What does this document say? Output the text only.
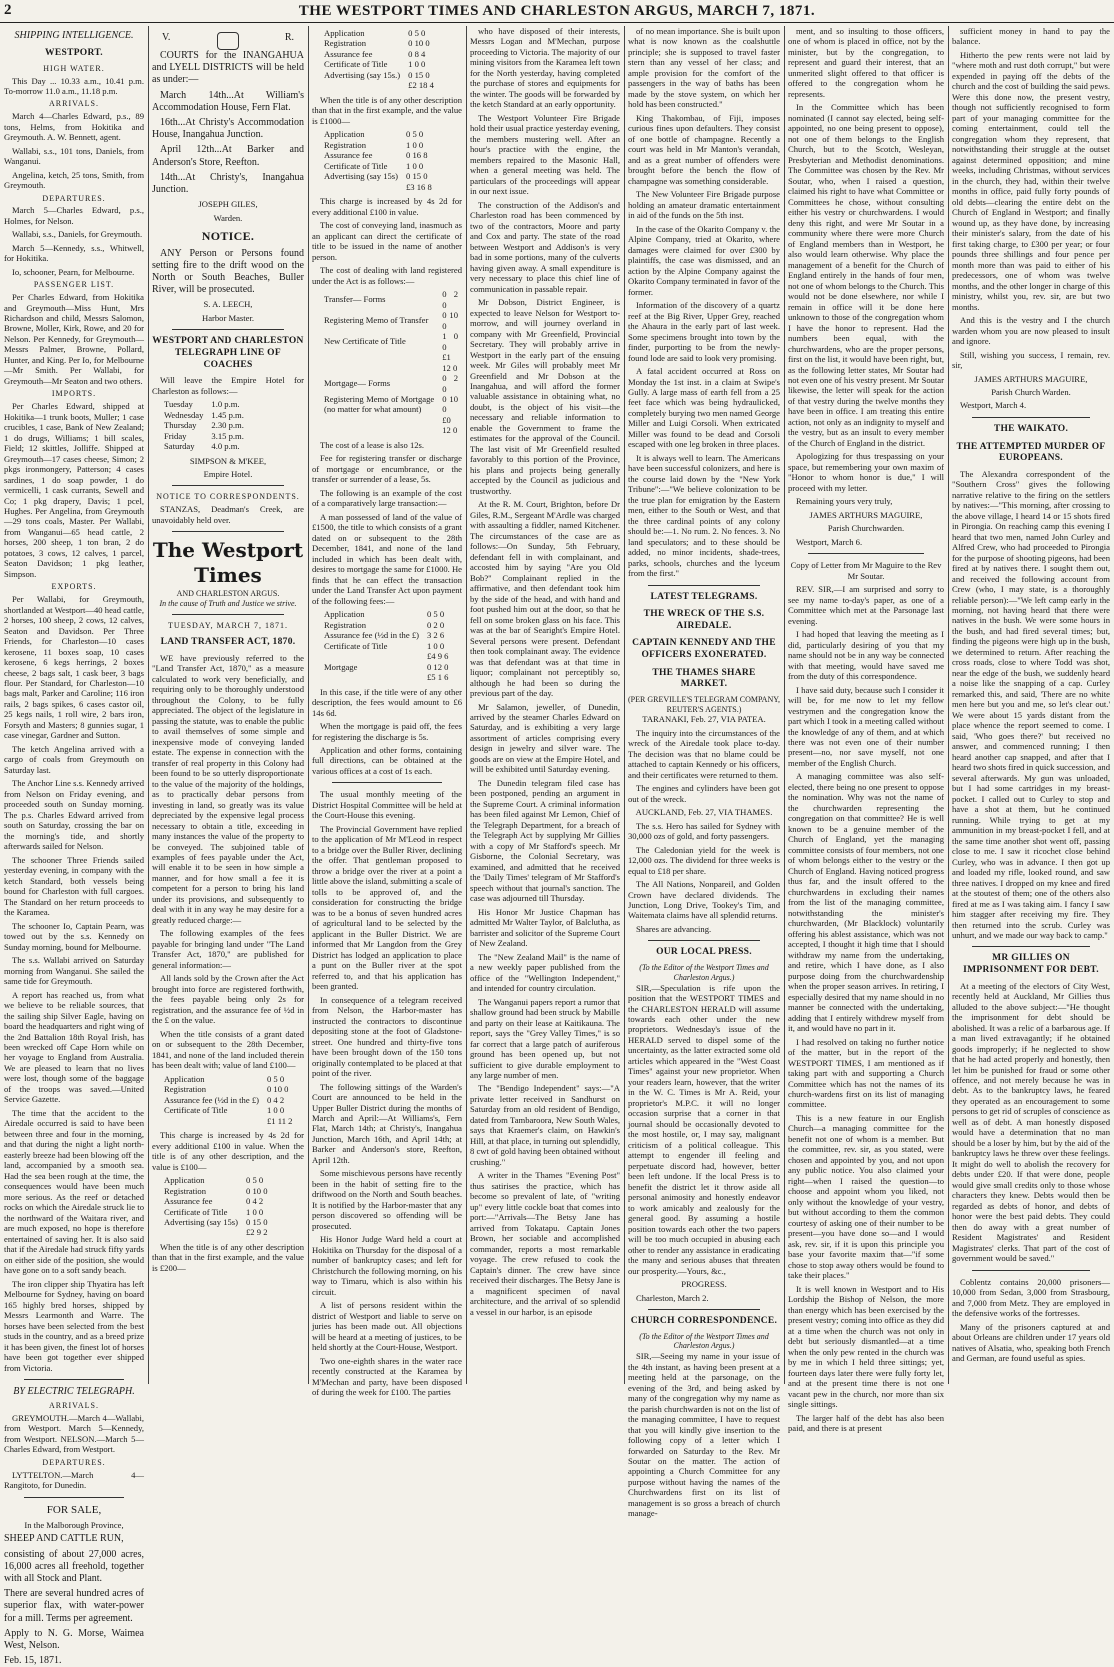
2	THE WESTPORT TIMES AND CHARLESTON ARGUS, MARCH 7, 1871.
SHIPPING INTELLIGENCE.
WESTPORT.
HIGH WATER.

This Day ... 10.33 a.m., 10.41 p.m. To-morrow 11.0 a.m., 11.18 p.m.

ARRIVALS.

March 4—Charles Edward, p.s., 89 tons, Helms, from Hokitika and Greymouth. A. W. Bennett, agent.

Wallabi, s.s., 101 tons, Daniels, from Wanganui.

Angelina, ketch, 25 tons, Smith, from Greymouth.

DEPARTURES.

March 5—Charles Edward, p.s., Holmes, for Nelson.

Wallabi, s.s., Daniels, for Greymouth.

March 5—Kennedy, s.s., Whitwell, for Hokitika.

Io, schooner, Pearn, for Melbourne.

PASSENGER LIST.

Per Charles Edward, from Hokitika and Greymouth—Miss Hunt, Mrs Richardson and child, Messrs Salomon, Browne, Moller, Kirk, Rowe, and 20 for Nelson. Per Kennedy, for Greymouth—Messrs Palmer, Browne, Pollard, Hunter, and King. Per Io, for Melbourne—Mr Smith. Per Wallabi, for Greymouth—Mr Seaton and two others.

IMPORTS.

Per Charles Edward, shipped at Hokitika—1 trunk boots, Muller; 1 case crucibles, 1 case, Bank of New Zealand; 1 do drugs, Williams; 1 bill scales, Field; 12 skittles, Jolliffe. Shipped at Greymouth—17 cases cheese, Simon; 2 pkgs ironmongery, Patterson; 4 cases sardines, 1 do soap powder, 1 do vermicelli, 1 cask currants, Sewell and Co; 1 pkg drapery, Davis; 1 pcel, Hughes. Per Angelina, from Greymouth—29 tons coals, Master. Per Wallabi, from Wanganui—65 head cattle, 2 horses, 200 sheep, 1 ton bran, 2 do potatoes, 3 cows, 12 calves, 1 parcel, Seaton Davidson; 1 pkg leather, Simpson.

EXPORTS.

Per Wallabi, for Greymouth, shortlanded at Westport—40 head cattle, 2 horses, 100 sheep, 2 cows, 12 calves, Seaton and Davidson. Per Three Friends, for Charleston—10 cases kerosene, 11 boxes soap, 10 cases kerosene, 6 kegs herrings, 2 boxes cheese, 2 bags salt, 1 cask beer, 3 bags flour. Per Standard, for Charleston—10 bags malt, Parker and Caroline; 116 iron rails, 2 bags spikes, 6 cases castor oil, 25 kegs nails, 1 roll wire, 2 bars iron, Forsyth and Masters; 8 gunnies sugar, 1 case vinegar, Gardner and Sutton.

The ketch Angelina arrived with a cargo of coals from Greymouth on Saturday last.

The Anchor Line s.s. Kennedy arrived from Nelson on Friday evening, and proceeded south on Sunday morning. The p.s. Charles Edward arrived from south on Saturday, crossing the bar on the morning's tide, and shortly afterwards sailed for Nelson.

The schooner Three Friends sailed yesterday evening, in company with the ketch Standard, both vessels being bound for Charleston with full cargoes. The Standard on her return proceeds to the Karamea.

The schooner Io, Captain Pearn, was towed out by the s.s. Kennedy on Sunday morning, bound for Melbourne.

The s.s. Wallabi arrived on Saturday morning from Wanganui. She sailed the same tide for Greymouth.

A report has reached us, from what we believe to be reliable sources, that the sailing ship Silver Eagle, having on board the headquarters and right wing of the 2nd Battalion 18th Royal Irish, has been wrecked off Cape Horn while on her voyage to England from Australia. We are pleased to learn that no lives were lost, though some of the baggage of the troops was saved.—United Service Gazette.

The time that the accident to the Airedale occurred is said to have been between three and four in the morning, and that during the night a light north-easterly breeze had been blowing off the land, accompanied by a smooth sea. Had the sea been rough at the time, the consequences would have been much more serious. As the reef or detached rocks on which the Airedale struck lie to the northward of the Waitara river, and are much exposed, no hope is therefore entertained of saving her. It is also said that if the Airedale had struck fifty yards on either side of the position, she would have gone on to a soft sandy beach.

The iron clipper ship Thyatira has left Melbourne for Sydney, having on board 165 highly bred horses, shipped by Messrs Learmonth and Warre. The horses have been selected from the best studs in the country, and as a breed prize it has been given, the finest lot of horses have been got together ever shipped from Victoria.

BY ELECTRIC TELEGRAPH.
ARRIVALS.

GREYMOUTH.—March 4—Wallabi, from Westport. March 5—Kennedy, from Westport. NELSON.—March 5—Charles Edward, from Westport.

DEPARTURES.

LYTTELTON.—March 4—Rangitoto, for Dunedin.

FOR SALE,

In the Malborough Province,

SHEEP AND CATTLE RUN,

consisting of about 27,000 acres, 16,000 acres all freehold, together with all Stock and Plant.

There are several hundred acres of superior flax, with water-power for a mill. Terms per agreement.

Apply to N. G. Morse, Waimea West, Nelson.

Feb. 15, 1871.

V.	R.

COURTS for the INANGAHUA and LYELL DISTRICTS will be held as under:—

March 14th...At William's Accommodation House, Fern Flat.

16th...At Christy's Accommodation House, Inangahua Junction.

April 12th...At Barker and Anderson's Store, Reefton.

14th...At Christy's, Inangahua Junction.

JOSEPH GILES,

Warden.

NOTICE.

ANY Person or Persons found setting fire to the drift wood on the North or South Beaches, Buller River, will be prosecuted.

S. A. LEECH,

Harbor Master.

WESTPORT AND CHARLESTON TELEGRAPH LINE OF COACHES

Will leave the Empire Hotel for Charleston as follows:—

Tuesday	1.0 p.m.
Wednesday	1.45 p.m.
Thursday	2.30 p.m.
Friday	3.15 p.m.
Saturday	4.0 p.m.

SIMPSON & M'KEE,

Empire Hotel.

NOTICE TO CORRESPONDENTS.

STANZAS, Deadman's Creek, are unavoidably held over.

The Westport Times
AND CHARLESTON ARGUS.
In the cause of Truth and Justice we strive.
TUESDAY, MARCH 7, 1871.
LAND TRANSFER ACT, 1870.

WE have previously referred to the "Land Transfer Act, 1870," as a measure calculated to work very beneficially, and requiring only to be thoroughly understood throughout the Colony, to be fully appreciated. The object of the legislature in passing the statute, was to enable the public to avail themselves of some simple and inexpensive mode of conveying landed estate. The expense in connection with the transfer of real property in this Colony had been found to be so utterly disproportionate to the value of the majority of the holdings, as to practically debar persons from investing in land, so greatly was its value depreciated by the expensive legal process necessary to obtain a title, exceeding in many instances the value of the property to be conveyed. The subjoined table of examples of fees payable under the Act, will enable it to be seen in how simple a manner, and for how small a fee it is competent for a person to bring his land under its provisions, and subsequently to deal with it in any way he may desire for a greatly reduced charge:—

The following examples of the fees payable for bringing land under "The Land Transfer Act, 1870," are published for general information:—

All lands sold by the Crown after the Act brought into force are registered forthwith, the fees payable being only 2s for registration, and the assurance fee of ½d in the £ on the value.

When the title consists of a grant dated on or subsequent to the 28th December, 1841, and none of the land included therein has been dealt with; value of land £100—

Application	0 5 0
Registration	0 10 0
Assurance fee (½d in the £)	0 4 2
Certificate of Title	1 0 0
	£1 11 2

This charge is increased by 4s 2d for every additional £100 in value. When the title is of any other description, and the value is £100—

Application	0 5 0
Registration	0 10 0
Assurance fee	0 4 2
Certificate of Title	1 0 0
Advertising (say 15s)	0 15 0
	£2 9 2

When the title is of any other description than that in the first example, and the value is £200—

Application	0 5 0
Registration	0 10 0
Assurance fee	0 8 4
Certificate of Title	1 0 0
Advertising (say 15s.)	0 15 0
	£2 18 4

When the title is of any other description than that in the first example, and the value is £1000—

Application	0 5 0
Registration	1 0 0
Assurance fee	0 16 8
Certificate of Title	1 0 0
Advertising (say 15s)	0 15 0
	£3 16 8

This charge is increased by 4s 2d for every additional £100 in value.

The cost of conveying land, inasmuch as an applicant can direct the certificate of title to be issued in the name of another person.

The cost of dealing with land registered under the Act is as follows:—

Transfer— Forms	0 2 0
Registering Memo of Transfer	0 10 0
New Certificate of Title	1 0 0
	£1 12 0
Mortgage— Forms	0 2 0
Registering Memo of Mortgage (no matter for what amount)	0 10 0
	£0 12 0

The cost of a lease is also 12s.

Fee for registering transfer or discharge of mortgage or encumbrance, or the transfer or surrender of a lease, 5s.

The following is an example of the cost of a comparatively large transaction:—

A man possessed of land of the value of £1500, the title to which consists of a grant dated on or subsequent to the 28th December, 1841, and none of the land included in which has been dealt with, desires to mortgage the same for £1000. He finds that he can effect the transaction under the Land Transfer Act upon payment of the following fees:—

Application	0 5 0
Registration	0 2 0
Assurance fee (½d in the £)	3 2 6
Certificate of Title	1 0 0
	£4 9 6
Mortgage	0 12 0
	£5 1 6

In this case, if the title were of any other description, the fees would amount to £6 14s 6d.

When the mortgage is paid off, the fees for registering the discharge is 5s.

Application and other forms, containing full directions, can be obtained at the various offices at a cost of 1s each.

The usual monthly meeting of the District Hospital Committee will be held at the Court-House this evening.

The Provincial Government have replied to the application of Mr M'Leod in respect to a bridge over the Buller River, declining the offer. That gentleman proposed to throw a bridge over the river at a point a little above the island, submitting a scale of tolls to be approved of, and the consideration for constructing the bridge was to be a bonus of seven hundred acres of agricultural land to be selected by the applicant in the Buller District. We are informed that Mr Langdon from the Grey District has lodged an application to place a punt on the Buller river at the spot referred to, and that his application has been granted.

In consequence of a telegram received from Nelson, the Harbor-master has instructed the contractors to discontinue depositing stone at the foot of Gladstone-street. One hundred and thirty-five tons have been brought down of the 150 tons originally contemplated to be placed at that point of the river.

The following sittings of the Warden's Court are announced to be held in the Upper Buller District during the months of March and April:—At Williams's, Fern Flat, March 14th; at Christy's, Inangahua Junction, March 16th, and April 14th; at Barker and Anderson's store, Reefton, April 12th.

Some mischievous persons have recently been in the habit of setting fire to the driftwood on the North and South beaches. It is notified by the Harbor-master that any person discovered so offending will be prosecuted.

His Honor Judge Ward held a court at Hokitika on Thursday for the disposal of a number of bankruptcy cases; and left for Christchurch the following morning, on his way to Timaru, which is also within his circuit.

A list of persons resident within the district of Westport and liable to serve on juries has been made out. All objections will be heard at a meeting of justices, to be held shortly at the Court-House, Westport.

Two one-eighth shares in the water race recently constructed at the Karamea by M'Mechan and party, have been disposed of during the week for £100. The parties

who have disposed of their interests, Messrs Logan and M'Mechan, purpose proceeding to Victoria. The majority of our mining visitors from the Karamea left town for the North yesterday, having completed the purchase of stores and equipments for the winter. The goods will be forwarded by the ketch Standard at an early opportunity.

The Westport Volunteer Fire Brigade hold their usual practice yesterday evening, the members mustering well. After an hour's practice with the engine, the members repaired to the Masonic Hall, when a general meeting was held. The particulars of the proceedings will appear in our next issue.

The construction of the Addison's and Charleston road has been commenced by two of the contractors, Moore and party and Cox and party. The state of the road between Westport and Addison's is very bad in some portions, many of the culverts having given away. A small expenditure is very necessary to place this chief line of communication in passable repair.

Mr Dobson, District Engineer, is expected to leave Nelson for Westport to-morrow, and will journey overland in company with Mr Greenfield, Provincial Secretary. They will probably arrive in Westport in the early part of the ensuing week. Mr Giles will probably meet Mr Greenfield and Mr Dobson at the Inangahua, and will afford the former valuable assistance in obtaining what, no doubt, is the object of his visit—the necessary and reliable information to enable the Government to frame the estimates for the approval of the Council. The last visit of Mr Greenfield resulted favorably to this portion of the Province, his plans and projects being generally accepted by the Council as judicious and trustworthy.

At the R. M. Court, Brighton, before Dr Giles, R.M., Sergeant M'Ardle was charged with assaulting a fiddler, named Kitchener. The circumstances of the case are as follows:—On Sunday, 5th February, defendant fell in with complainant, and accosted him by saying "Are you Old Bob?" Complainant replied in the affirmative, and then defendant took him by the side of the head, and with hand and foot pushed him out at the door, so that he fell on some broken glass on his face. This was at the bar of Searight's Empire Hotel. Several persons were present. Defendant then took complainant away. The evidence was that defendant was at that time in liquor; complainant not perceptibly so, although he had been so during the previous part of the day.

Mr Salamon, jeweller, of Dunedin, arrived by the steamer Charles Edward on Saturday, and is exhibiting a very large assortment of articles comprising every design in jewelry and silver ware. The goods are on view at the Empire Hotel, and will be exhibited until Saturday evening.

The Dunedin telegram filed case has been postponed, pending an argument in the Supreme Court. A criminal information has been filed against Mr Lemon, Chief of the Telegraph Department, for a breach of the Telegraph Act by supplying Mr Gillies with a copy of Mr Stafford's speech. Mr Gisborne, the Colonial Secretary, was examined, and admitted that he received the 'Daily Times' telegram of Mr Stafford's speech without that journal's sanction. The case was adjourned till Thursday.

His Honor Mr Justice Chapman has admitted Mr Walter Taylor, of Balclutha, as barrister and solicitor of the Supreme Court of New Zealand.

The "New Zealand Mail" is the name of a new weekly paper published from the office of the "Wellington Independent," and intended for country circulation.

The Wanganui papers report a rumor that shallow ground had been struck by Mabille and party on their lease at Kaitikauna. The report, says the "Grey Valley Times," is so far correct that a large patch of auriferous ground has been opened up, but not sufficient to give durable employment to any large number of men.

The "Bendigo Independent" says:—"A private letter received in Sandhurst on Saturday from an old resident of Bendigo, dated from Tambaroora, New South Wales, says that Kraemer's claim, on Hawkin's Hill, at that place, in turning out splendidly, 8 cwt of gold having been obtained without crushing."

A writer in the Thames "Evening Post" thus satirises the practice, which has become so prevalent of late, of "writing up" every little cockle boat that comes into port:—"Arrivals—The Betsy Jane has arrived from Tokatapu. Captain Jones Brown, her sociable and accomplished commander, reports a most remarkable voyage. The crew refused to cook the Captain's dinner. The crew have since received their discharges. The Betsy Jane is a magnificent specimen of naval architecture, and the arrival of so splendid a vessel in our harbor, is an episode

of no mean importance. She is built upon what is now known as the coalshuttle principle; she is supposed to travel faster stern than any vessel of her class; and ample provision for the comfort of the passengers in the way of baths has been made by the stove system, on which her hold has been constructed."

King Thakombau, of Fiji, imposes curious fines upon defaulters. They consist of one bottle of champagne. Recently a court was held in Mr Manton's verandah, and as a great number of offenders were brought before the bench the flow of champagne was something considerable.

The New Volunteer Fire Brigade purpose holding an amateur dramatic entertainment in aid of the funds on the 5th inst.

In the case of the Okarito Company v. the Alpine Company, tried at Okarito, where damages were claimed for over £300 by plaintiffs, the case was dismissed, and an action by the Alpine Company against the Okarito Company terminated in favor of the former.

Information of the discovery of a quartz reef at the Big River, Upper Grey, reached the Ahaura in the early part of last week. Some specimens brought into town by the finder, purporting to be from the newly-found lode are said to look very promising.

A fatal accident occurred at Ross on Monday the 1st inst. in a claim at Swipe's Gully. A large mass of earth fell from a 25 feet face which was being hydraulicked, completely burying two men named George Miller and Luigi Corsoli. When extricated Miller was found to be dead and Corsoli escaped with one leg broken in three places.

It is always well to learn. The Americans have been successful colonizers, and here is the course laid down by the "New York Tribune":—"We believe colonization to be the true plan for emigration by the Eastern men, either to the South or West, and that the three cardinal points of any colony should be:—1. No rum. 2. No fences. 3. No land speculators; and to these should be added, no minor incidents, shade-trees, parks, schools, churches and the lyceum from the first."

LATEST TELEGRAMS.
THE WRECK OF THE S.S. AIREDALE.
CAPTAIN KENNEDY AND THE OFFICERS EXONERATED.
THE THAMES SHARE MARKET.
(PER GREVILLE'S TELEGRAM COMPANY, REUTER'S AGENTS.)

TARANAKI, Feb. 27, VIA PATEA.

The inquiry into the circumstances of the wreck of the Airedale took place to-day. The decision was that no blame could be attached to captain Kennedy or his officers, and their certificates were returned to them.

The engines and cylinders have been got out of the wreck.

AUCKLAND, Feb. 27, VIA THAMES.

The s.s. Hero has sailed for Sydney with 30,000 ozs of gold, and forty passengers.

The Caledonian yield for the week is 12,000 ozs. The dividend for three weeks is equal to £18 per share.

The All Nations, Nonpareil, and Golden Crown have declared dividends. The Junction, Long Drive, Tookey's Tim, and Waitemata claims have all splendid returns.

Shares are advancing.

OUR LOCAL PRESS.
(To the Editor of the Westport Times and Charleston Argus.)

SIR,—Speculation is rife upon the position that the WESTPORT TIMES and the CHARLESTON HERALD will assume towards each other under the new proprietors. Wednesday's issue of the HERALD served to dispel some of the uncertainty, as the latter extracted some old articles which appeared in the "West Coast Times" against your new proprietor. When your readers learn, however, that the writer in the W. C. Times is Mr A. Reid, your proprietor's M.P.C. it will no longer occasion surprise that a corner in that journal should be occasionally devoted to the most hostile, or, I may say, malignant criticism of a political colleague. This attempt to engender ill feeling and perpetuate discord had, however, better been left undone. If the local Press is to benefit the district let it throw aside all personal animosity and honestly endeavor to work amicably and zealously for the general good. By assuming a hostile position towards each other the two papers will be too much occupied in abusing each other to render any assistance in eradicating the many and serious abuses that threaten our prosperity.—Yours, &c.,

PROGRESS.

Charleston, March 2.

CHURCH CORRESPONDENCE.
(To the Editor of the Westport Times and Charleston Argus.)

SIR,—Seeing my name in your issue of the 4th instant, as having been present at a meeting held at the parsonage, on the evening of the 3rd, and being asked by many of the congregation why my name as the parish churchwarden is not on the list of the managing committee, I have to request that you will kindly give insertion to the following copy of a letter which I forwarded on Saturday to the Rev. Mr Soutar on the matter. The action of appointing a Church Committee for any purpose without having the names of the Churchwardens first on its list of management is so gross a breach of church manage-

ment, and so insulting to those officers, one of whom is placed in office, not by the minister, but by the congregation, to represent and guard their interest, that an unmerited slight offered to that officer is offered to the congregation whom he represents.

In the Committee which has been nominated (I cannot say elected, being self-appointed, no one being present to oppose), not one of them belongs to the English Church, but to the Scotch, Wesleyan, Presbyterian and Methodist denominations. The Committee was chosen by the Rev. Mr Soutar, who, when I raised a question, claimed his right to have what Committee or Committees he chose, without consulting either his vestry or churchwardens. I would deny this right, and were Mr Soutar in a community where there were more Church of England members than in Westport, he also would learn otherwise. Why place the management of a benefit for the Church of England entirely in the hands of four men, not one of whom belongs to the Church. This would not be done elsewhere, nor while I remain in office will it be done here unknown to those of the congregation whom I have the honor to represent. Had the numbers been equal, with the churchwardens, who are the proper persons, first on the list, it would have been right, but, as the following letter states, Mr Soutar had not even one of his vestry present. Mr Soutar likewise, the letter will speak for the action of that vestry during the twelve months they have been in office. I am treating this entire action, not only as an indignity to myself and the vestry, but as an insult to every member of the Church of England in the district.

Apologizing for thus trespassing on your space, but remembering your own maxim of "Honor to whom honor is due," I will proceed with my letter.

Remaining yours very truly,

JAMES ARTHURS MAGUIRE,

Parish Churchwarden.

Westport, March 6.

Copy of Letter from Mr Maguire to the Rev Mr Soutar.

REV. SIR,—I am surprised and sorry to see my name to-day's paper, as one of a Committee which met at the Parsonage last evening.

I had hoped that leaving the meeting as I did, particularly desiring of you that my name should not be in any way be connected with that meeting, would have saved me from the duty of this correspondence.

I have said duty, because such I consider it will be, for me now to let my fellow vestrymen and the congregation know the part which I took in a meeting called without the knowledge of any of them, and at which there was not even one of their number present—no, nor save myself, not one member of the English Church.

A managing committee was also self-elected, there being no one present to oppose the nomination. Why was not the name of the churchwarden representing the congregation on that committee? He is well known to be a genuine member of the Church of England, yet the managing committee consists of four members, not one of whom belongs either to the vestry or the Church of England. Having noticed progress thus far, and the insult offered to the churchwardens in excluding their names from the list of the managing committee, notwithstanding the minister's churchwarden, (Mr Blacklock) voluntarily offering his ablest assistance, which was not accepted, I thought it high time that I should withdraw my name from the undertaking, and retire, which I have done, as I also purpose doing from the churchwardenship when the proper season arrives. In retiring, I especially desired that my name should in no manner be connected with the undertaking, adding that I entirely withdrew myself from it, and would have no part in it.

I had resolved on taking no further notice of the matter, but in the report of the WESTPORT TIMES, I am mentioned as if taking part with and supporting a Church Committee which has not the names of its church-wardens first on its list of managing committee.

This is a new feature in our English Church—a managing committee for the benefit not one of whom is a member. But the committee, rev. sir, as you stated, were chosen and appointed by you, and not upon any public notice. You also claimed your right—when I raised the question—to choose and appoint whom you liked, not only without the knowledge of your vestry, but without according to them the common courtesy of asking one of their number to be present—you have done so—and I would ask, rev. sir, if it is upon this principle you base your favorite maxim that—"if some chose to stop away others would be found to take their places."

It is well known in Westport and to His Lordship the Bishop of Nelson, the more than energy which has been exercised by the present vestry; coming into office as they did at a time when the church was not only in debt but seriously dismantled—at a time when the only pew rented in the church was by me in which I held three sittings; yet, fourteen days later there were fully forty let, and at the present time there is not one vacant pew in the church, nor more than six single sittings.

The larger half of the debt has also been paid, and there is at present

sufficient money in hand to pay the balance.

Hitherto the pew rents were not laid by "where moth and rust doth corrupt," but were expended in paying off the debts of the church and the cost of building the said pews. Were this done now, the present vestry, though not sufficiently recognised to form part of your managing committee for the coming entertainment, could tell the congregation whom they represent, that notwithstanding their struggle at the outset against determined opposition; and mine weeks, including Christmas, without services in the church, they had, within their twelve months in office, paid fully forty pounds of old debts—clearing the entire debt on the Church of England in Westport; and finally wound up, as they have done, by increasing their minister's salary, from the date of his first taking charge, to £300 per year; or four pounds three shillings and four pence per month more than was paid to either of his predecessors, one of whom was twelve months, and the other longer in charge of this ministry, whilst you, rev. sir, are but two months.

And this is the vestry and I the church warden whom you are now pleased to insult and ignore.

Still, wishing you success, I remain, rev. sir,

JAMES ARTHURS MAGUIRE,

Parish Church Warden.

Westport, March 4.

THE WAIKATO.
THE ATTEMPTED MURDER OF EUROPEANS.

The Alexandra correspondent of the "Southern Cross" gives the following narrative relative to the firing on the settlers by natives:—"This morning, after crossing to the above village, I heard 14 or 15 shots fired in Pirongia. On reaching camp this evening I heard that two men, named John Curley and Alfred Crew, who had proceeded to Pirongia for the purpose of shooting pigeons, had been fired at by natives there. I sought them out, and received the following account from Crew (who, I may state, is a thoroughly reliable person):—"We left camp early in the morning, not having heard that there were natives in the bush. We were some hours in the bush, and had fired several times; but, finding the pigeons were high up in the bush, we determined to return. After reaching the cross roads, close to where Todd was shot, near the edge of the bush, we suddenly heard a noise like the snapping of a cap. Curley remarked this, and said, 'There are no white men here but you and me, so let's clear out.' We were about 15 yards distant from the place whence the report seemed to come. I said, 'Who goes there?' but received no answer, and commenced running; I then heard another cap snapped, and after that I heard two shots fired in quick succession, and several afterwards. My gun was unloaded, but I had some cartridges in my breast-pocket. I called out to Curley to stop and have a shot at them, but he continued running. While trying to get at my ammunition in my breast-pocket I fell, and at the same time another shot went off, passing close to me. I saw it ricochet close behind Curley, who was in advance. I then got up and loaded my rifle, looked round, and saw three natives. I dropped on my knee and fired at the stoutest of them; one of the others also fired at me as I was taking aim. I fancy I saw him stagger after receiving my fire. They then returned into the scrub. Curley was unhurt, and we made our way back to camp."

MR GILLIES ON IMPRISONMENT FOR DEBT.

At a meeting of the electors of City West, recently held at Auckland, Mr Gillies thus alluded to the above subject:—"He thought the imprisonment for debt should be abolished. It was a relic of a barbarous age. If a man lived extravagantly; if he obtained goods improperly; if he neglected to show that he had acted properly and honestly, then let him be punished for fraud or some other offence, and not merely because he was in debt. As to the bankruptcy laws, he feared they operated as an encouragement to some persons to get rid of scruples of conscience as well as of debt. A man honestly disposed would have a determination that no man should be a loser by him, but by the aid of the bankruptcy laws he threw over these feelings. It might do well to abolish the recovery for debts under £20. If that were done, people would give small credits only to those whose characters they knew. Debts would then be regarded as debts of honor, and debts of honor were the best paid debts. They could then do away with a great number of Resident Magistrates' and Resident Magistrates' clerks. That part of the cost of government would be saved."

Coblentz contains 20,000 prisoners—10,000 from Sedan, 3,000 from Strasbourg, and 7,000 from Metz. They are employed in the defensive works of the fortresses.

Many of the prisoners captured at and about Orleans are children under 17 years old natives of Alsatia, who, speaking both French and German, are found useful as spies.
